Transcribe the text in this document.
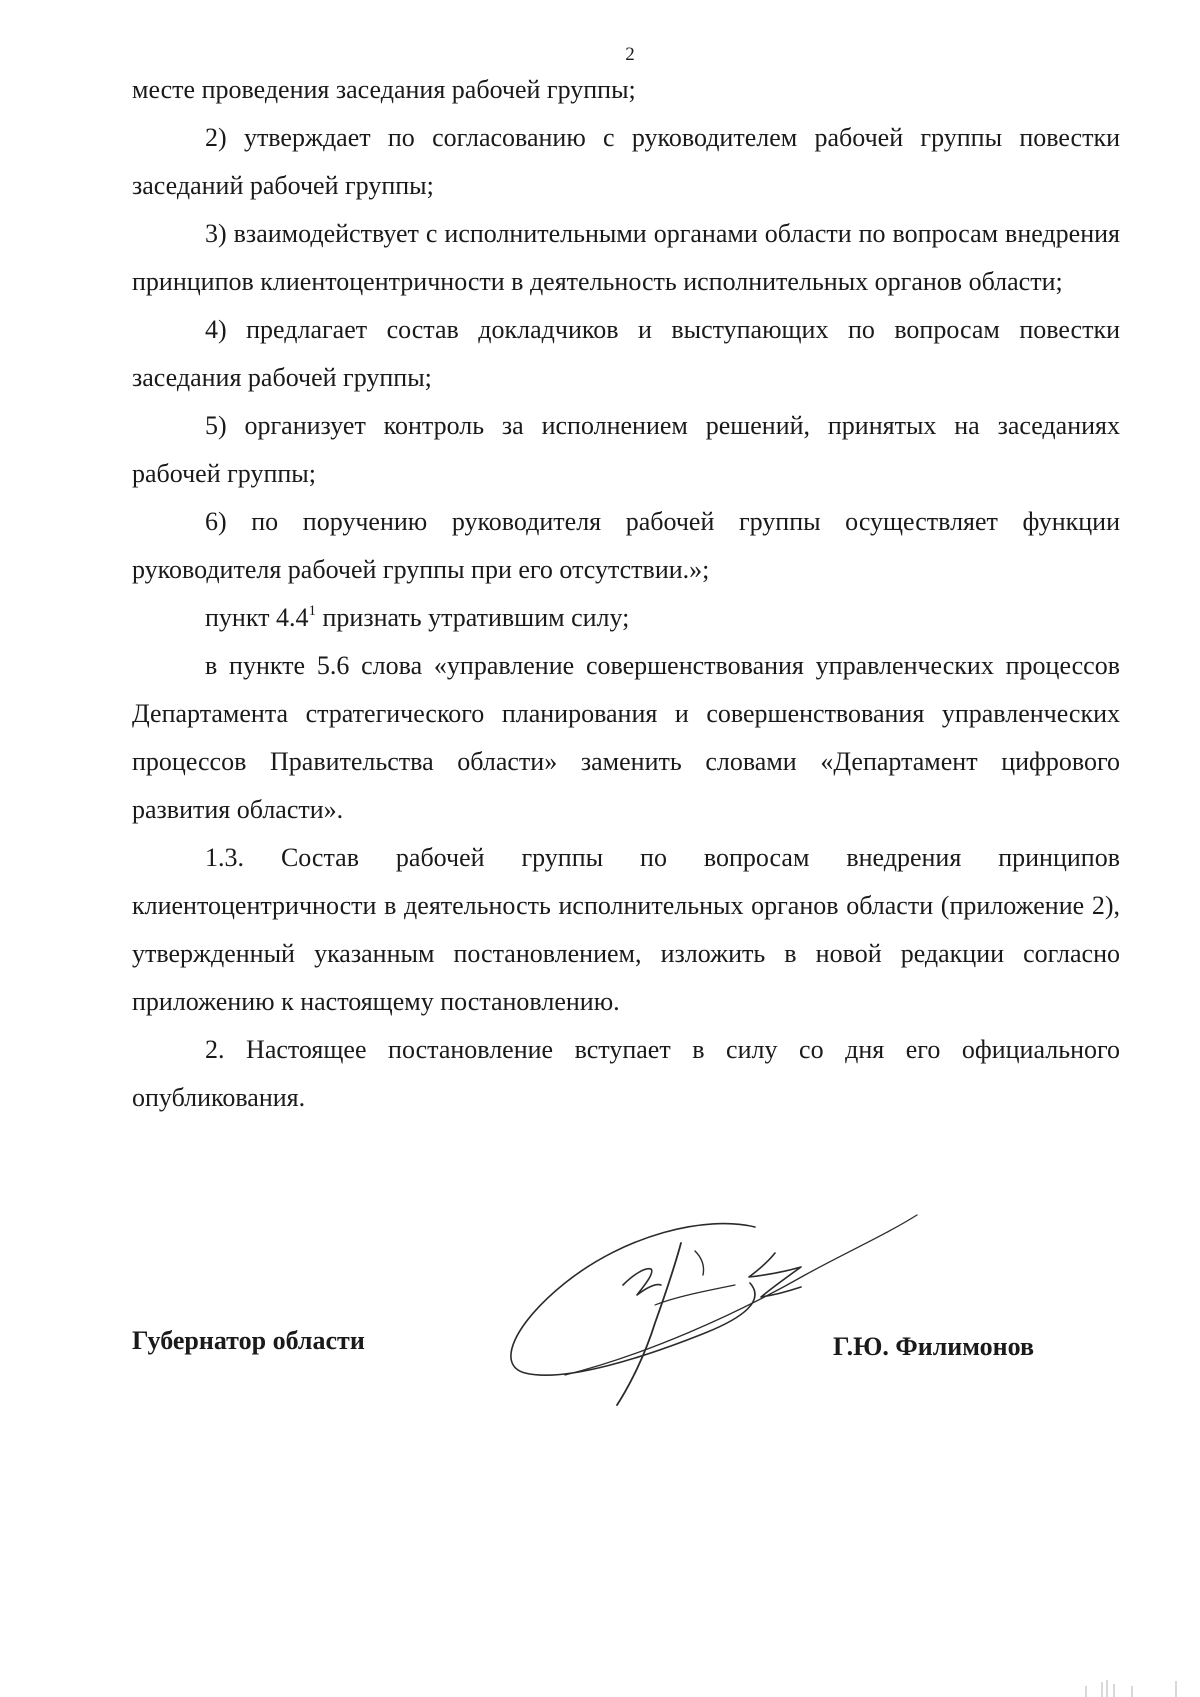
2

месте проведения заседания рабочей группы;

2) утверждает по согласованию с руководителем рабочей группы повестки заседаний рабочей группы;

3) взаимодействует с исполнительными органами области по вопросам внедрения принципов клиентоцентричности в деятельность исполнительных органов области;

4) предлагает состав докладчиков и выступающих по вопросам повестки заседания рабочей группы;

5) организует контроль за исполнением решений, принятых на заседаниях рабочей группы;

6) по поручению руководителя рабочей группы осуществляет функции руководителя рабочей группы при его отсутствии.»;

пункт $4.4^1$ признать утратившим силу;

в пункте 5.6 слова «управление совершенствования управленческих процессов Департамента стратегического планирования и совершенствования управленческих процессов Правительства области» заменить словами «Департамент цифрового развития области».

1.3. Состав рабочей группы по вопросам внедрения принципов клиентоцентричности в деятельность исполнительных органов области (приложение 2), утвержденный указанным постановлением, изложить в новой редакции согласно приложению к настоящему постановлению.

2. Настоящее постановление вступает в силу со дня его официального опубликования.

Губернатор области	Г.Ю. Филимонов
